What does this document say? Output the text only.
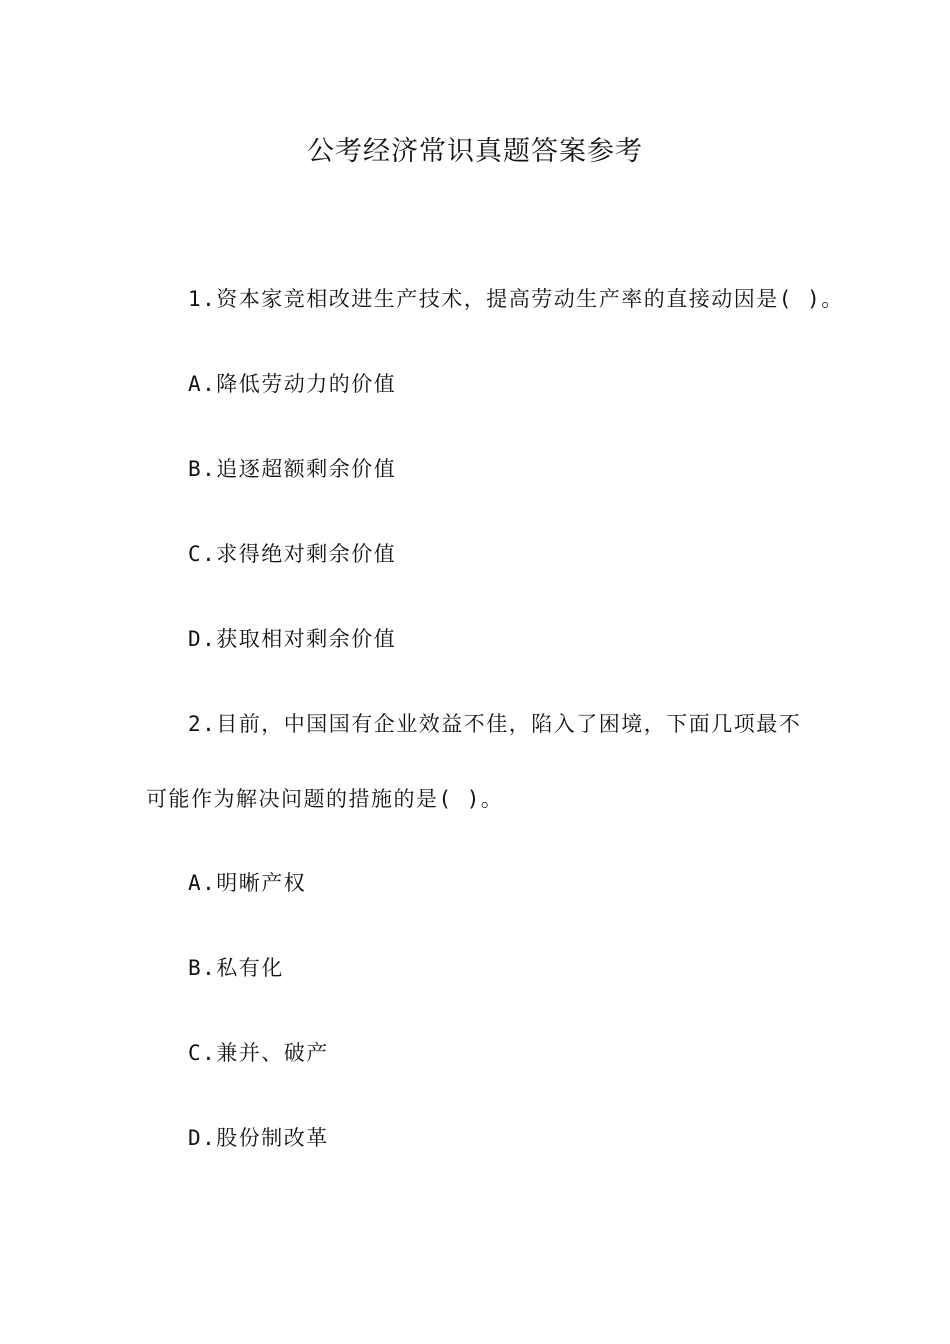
公考经济常识真题答案参考
1.资本家竞相改进生产技术，提高劳动生产率的直接动因是( )。
A.降低劳动力的价值
B.追逐超额剩余价值
C.求得绝对剩余价值
D.获取相对剩余价值
2.目前，中国国有企业效益不佳，陷入了困境，下面几项最不
可能作为解决问题的措施的是( )。
A.明晰产权
B.私有化
C.兼并、破产
D.股份制改革
